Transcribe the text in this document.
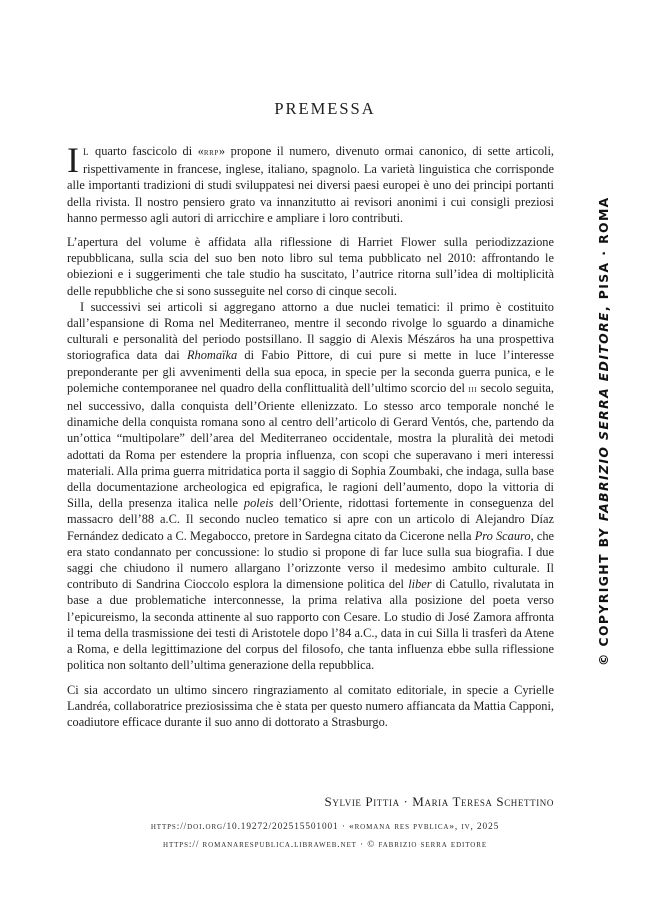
PREMESSA

Il quarto fascicolo di «rrp» propone il numero, divenuto ormai canonico, di sette articoli, rispettivamente in francese, inglese, italiano, spagnolo. La varietà linguistica che corrisponde alle importanti tradizioni di studi sviluppatesi nei diversi paesi europei è uno dei principi portanti della rivista. Il nostro pensiero grato va innanzitutto ai revisori anonimi i cui consigli preziosi hanno permesso agli autori di arricchire e ampliare i loro contributi.

L’apertura del volume è affidata alla riflessione di Harriet Flower sulla periodizzazione repubblicana, sulla scia del suo ben noto libro sul tema pubblicato nel 2010: affrontando le obiezioni e i suggerimenti che tale studio ha suscitato, l’autrice ritorna sull’idea di moltiplicità delle repubbliche che si sono susseguite nel corso di cinque secoli.

I successivi sei articoli si aggregano attorno a due nuclei tematici: il primo è costituito dall’espansione di Roma nel Mediterraneo, mentre il secondo rivolge lo sguardo a dinamiche culturali e personalità del periodo postsillano. Il saggio di Alexis Mészáros ha una prospettiva storiografica data dai Rhomaïka di Fabio Pittore, di cui pure si mette in luce l’interesse preponderante per gli avvenimenti della sua epoca, in specie per la seconda guerra punica, e le polemiche contemporanee nel quadro della conflittualità dell’ultimo scorcio del iii secolo seguita, nel successivo, dalla conquista dell’Oriente ellenizzato. Lo stesso arco temporale nonché le dinamiche della conquista romana sono al centro dell’articolo di Gerard Ventós, che, partendo da un’ottica “multipolare” dell’area del Mediterraneo occidentale, mostra la pluralità dei metodi adottati da Roma per estendere la propria influenza, con scopi che superavano i meri interessi materiali. Alla prima guerra mitridatica porta il saggio di Sophia Zoumbaki, che indaga, sulla base della documentazione archeologica ed epigrafica, le ragioni dell’aumento, dopo la vittoria di Silla, della presenza italica nelle poleis dell’Oriente, ridottasi fortemente in conseguenza del massacro dell’88 a.C. Il secondo nucleo tematico si apre con un articolo di Alejandro Díaz Fernández dedicato a C. Megabocco, pretore in Sardegna citato da Cicerone nella Pro Scauro, che era stato condannato per concussione: lo studio si propone di far luce sulla sua biografia. I due saggi che chiudono il numero allargano l’orizzonte verso il medesimo ambito culturale. Il contributo di Sandrina Cioccolo esplora la dimensione politica del liber di Catullo, rivalutata in base a due problematiche interconnesse, la prima relativa alla posizione del poeta verso l’epicureismo, la seconda attinente al suo rapporto con Cesare. Lo studio di José Zamora affronta il tema della trasmissione dei testi di Aristotele dopo l’84 a.C., data in cui Silla li trasferì da Atene a Roma, e della legittimazione del corpus del filosofo, che tanta influenza ebbe sulla riflessione politica non soltanto dell’ultima generazione della repubblica.

Ci sia accordato un ultimo sincero ringraziamento al comitato editoriale, in specie a Cyrielle Landréa, collaboratrice preziosissima che è stata per questo numero affiancata da Mattia Capponi, coadiutore efficace durante il suo anno di dottorato a Strasburgo.

Sylvie Pittia · Maria Teresa Schettino
https://doi.org/10.19272/202515501001 · «romana res pvblica», iv, 2025
https:// romanarespublica.libraweb.net · © fabrizio serra editore
© COPYRIGHT BY FABRIZIO SERRA EDITORE, PISA · ROMA
